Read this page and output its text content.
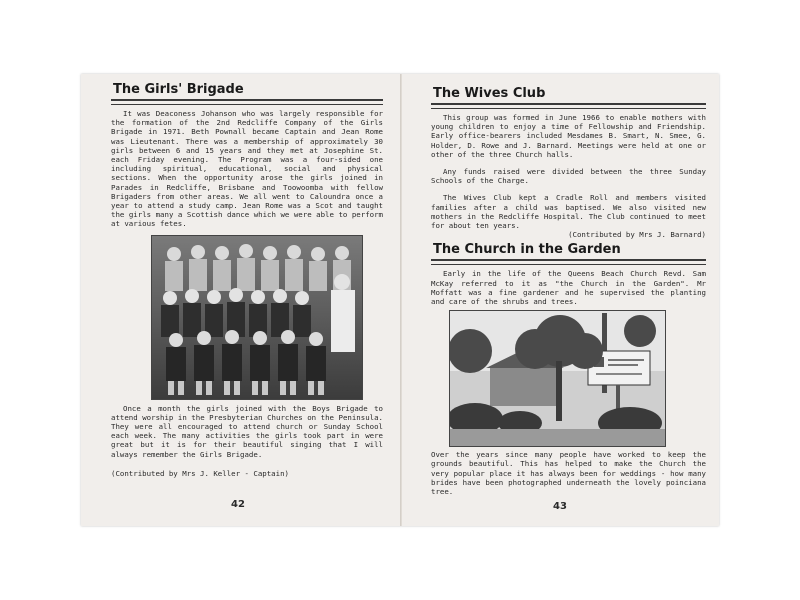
The Girls' Brigade

It was Deaconess Johanson who was largely responsible for the formation of the 2nd Redcliffe Company of the Girls Brigade in 1971. Beth Pownall became Captain and Jean Rome was Lieutenant. There was a membership of approximately 30 girls between 6 and 15 years and they met at Josephine St. each Friday evening. The Program was a four-sided one including spiritual, educational, social and physical sections. When the opportunity arose the girls joined in Parades in Redcliffe, Brisbane and Toowoomba with fellow Brigaders from other areas. We all went to Caloundra once a year to attend a study camp. Jean Rome was a Scot and taught the girls many a Scottish dance which we were able to perform at various fetes.

Once a month the girls joined with the Boys Brigade to attend worship in the Presbyterian Churches on the Peninsula. They were all encouraged to attend church or Sunday School each week. The many activities the girls took part in were great but it is for their beautiful singing that I will always remember the Girls Brigade.

(Contributed by Mrs J. Keller - Captain)

42
The Wives Club

This group was formed in June 1966 to enable mothers with young children to enjoy a time of Fellowship and Friendship. Early office-bearers included Mesdames B. Smart, N. Smee, G. Holder, D. Rowe and J. Barnard. Meetings were held at one or other of the three Church halls.

Any funds raised were divided between the three Sunday Schools of the Charge.

The Wives Club kept a Cradle Roll and members visited families after a child was baptised. We also visited new mothers in the Redcliffe Hospital. The Club continued to meet for about ten years.

(Contributed by Mrs J. Barnard)

The Church in the Garden

Early in the life of the Queens Beach Church Revd. Sam McKay referred to it as "the Church in the Garden". Mr Moffatt was a fine gardener and he supervised the planting and care of the shrubs and trees.

Over the years since many people have worked to keep the grounds beautiful. This has helped to make the Church the very popular place it has always been for weddings - how many brides have been photographed underneath the lovely poinciana tree.

43
